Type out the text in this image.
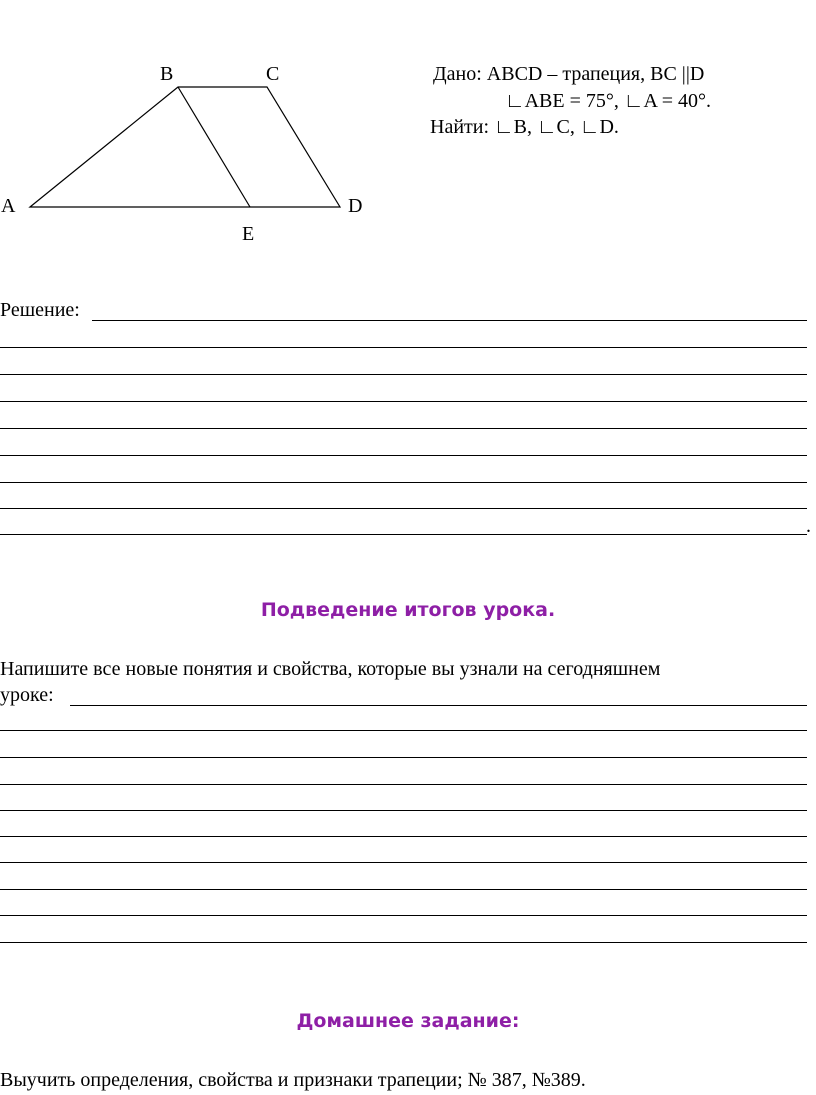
B	C
A	D
E
Дано: ABCD – трапеция, ВС ||D
∟ABE = 75°, ∟A = 40°.
Найти: ∟B, ∟C, ∟D.
Решение:
.
Подведение итогов урока.
Напишите все новые понятия и свойства, которые вы узнали на сегодняшнем
уроке:
Домашнее задание:
Выучить определения, свойства и признаки трапеции; № 387, №389.
